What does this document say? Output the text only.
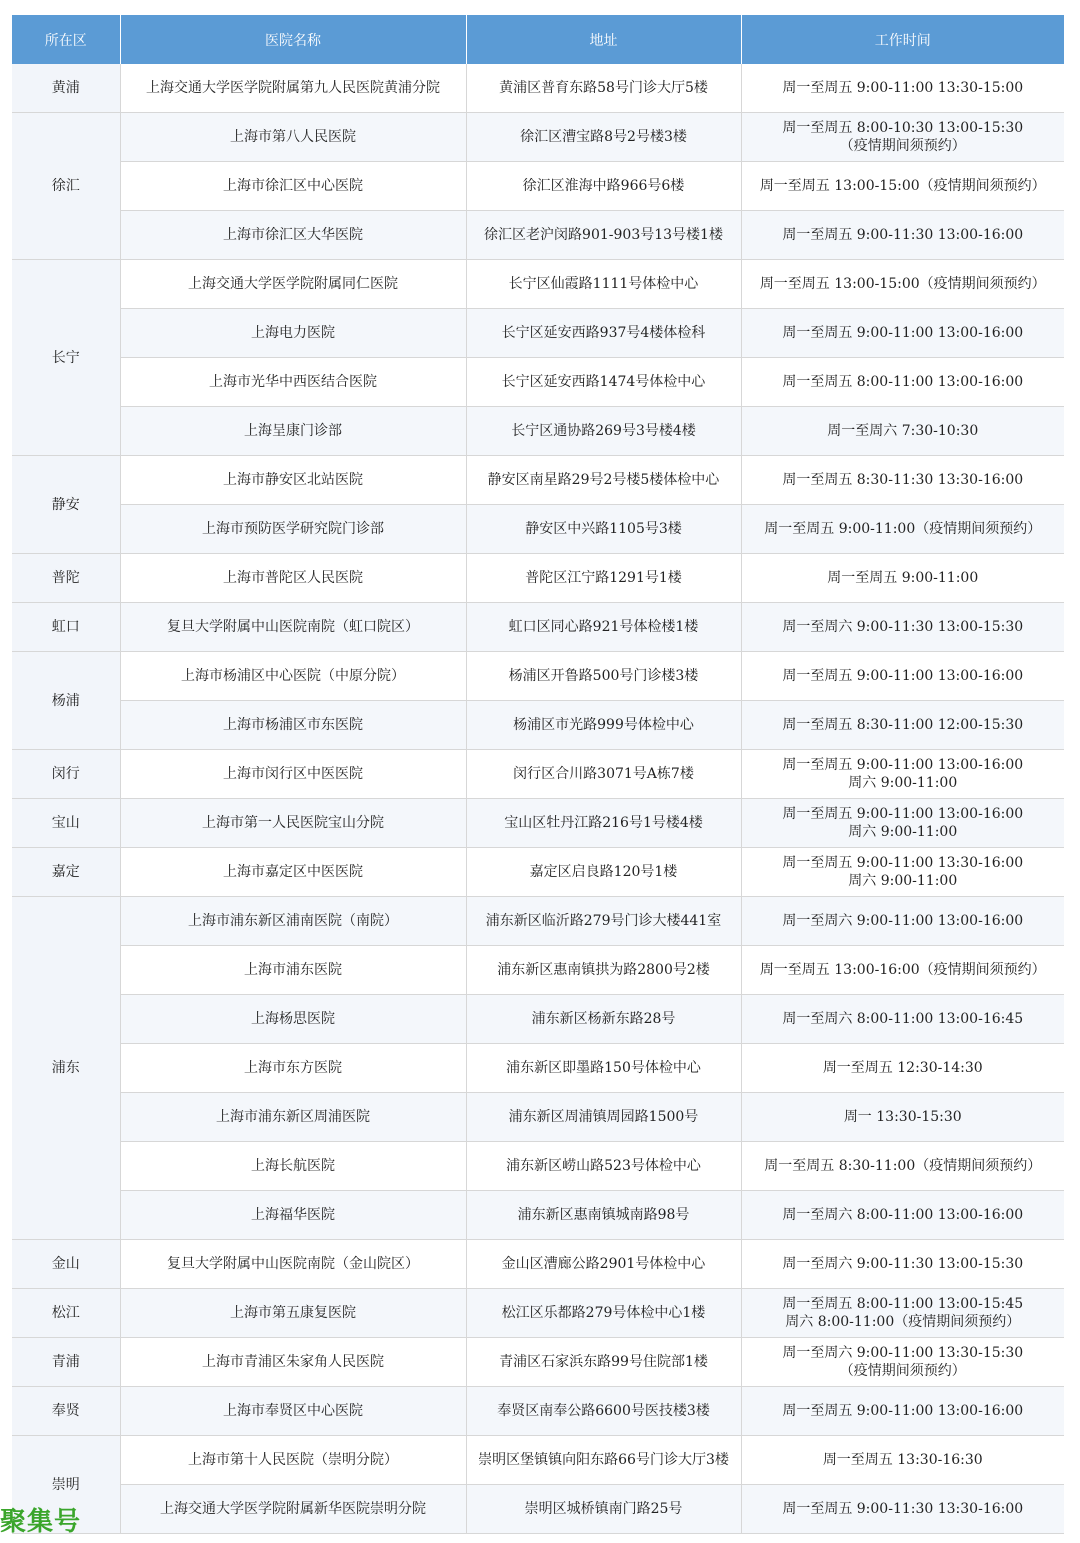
所在区	医院名称	地址	工作时间
黄浦	上海交通大学医学院附属第九人民医院黄浦分院	黄浦区普育东路58号门诊大厅5楼	周一至周五 9:00-11:00 13:30-15:00

徐汇	上海市第八人民医院	徐汇区漕宝路8号2号楼3楼	周一至周五 8:00-10:30 13:00-15:30
（疫情期间须预约）

	上海市徐汇区中心医院	徐汇区淮海中路966号6楼	周一至周五 13:00-15:00（疫情期间须预约）

	上海市徐汇区大华医院	徐汇区老沪闵路901-903号13号楼1楼	周一至周五 9:00-11:30 13:00-16:00

长宁	上海交通大学医学院附属同仁医院	长宁区仙霞路1111号体检中心	周一至周五 13:00-15:00（疫情期间须预约）

	上海电力医院	长宁区延安西路937号4楼体检科	周一至周五 9:00-11:00 13:00-16:00

	上海市光华中西医结合医院	长宁区延安西路1474号体检中心	周一至周五 8:00-11:00 13:00-16:00

	上海呈康门诊部	长宁区通协路269号3号楼4楼	周一至周六 7:30-10:30

静安	上海市静安区北站医院	静安区南星路29号2号楼5楼体检中心	周一至周五 8:30-11:30 13:30-16:00

	上海市预防医学研究院门诊部	静安区中兴路1105号3楼	周一至周五 9:00-11:00（疫情期间须预约）

普陀	上海市普陀区人民医院	普陀区江宁路1291号1楼	周一至周五 9:00-11:00

虹口	复旦大学附属中山医院南院（虹口院区）	虹口区同心路921号体检楼1楼	周一至周六 9:00-11:30 13:00-15:30

杨浦	上海市杨浦区中心医院（中原分院）	杨浦区开鲁路500号门诊楼3楼	周一至周五 9:00-11:00 13:00-16:00

	上海市杨浦区市东医院	杨浦区市光路999号体检中心	周一至周五 8:30-11:00 12:00-15:30

闵行	上海市闵行区中医医院	闵行区合川路3071号A栋7楼	周一至周五 9:00-11:00 13:00-16:00
周六 9:00-11:00

宝山	上海市第一人民医院宝山分院	宝山区牡丹江路216号1号楼4楼	周一至周五 9:00-11:00 13:00-16:00
周六 9:00-11:00

嘉定	上海市嘉定区中医医院	嘉定区启良路120号1楼	周一至周五 9:00-11:00 13:30-16:00
周六 9:00-11:00

浦东	上海市浦东新区浦南医院（南院）	浦东新区临沂路279号门诊大楼441室	周一至周六 9:00-11:00 13:00-16:00

	上海市浦东医院	浦东新区惠南镇拱为路2800号2楼	周一至周五 13:00-16:00（疫情期间须预约）

	上海杨思医院	浦东新区杨新东路28号	周一至周六 8:00-11:00 13:00-16:45

	上海市东方医院	浦东新区即墨路150号体检中心	周一至周五 12:30-14:30

	上海市浦东新区周浦医院	浦东新区周浦镇周园路1500号	周一 13:30-15:30

	上海长航医院	浦东新区崂山路523号体检中心	周一至周五 8:30-11:00（疫情期间须预约）

	上海福华医院	浦东新区惠南镇城南路98号	周一至周六 8:00-11:00 13:00-16:00

金山	复旦大学附属中山医院南院（金山院区）	金山区漕廊公路2901号体检中心	周一至周六 9:00-11:30 13:00-15:30

松江	上海市第五康复医院	松江区乐都路279号体检中心1楼	周一至周五 8:00-11:00 13:00-15:45
周六 8:00-11:00（疫情期间须预约）

青浦	上海市青浦区朱家角人民医院	青浦区石家浜东路99号住院部1楼	周一至周六 9:00-11:00 13:30-15:30
（疫情期间须预约）

奉贤	上海市奉贤区中心医院	奉贤区南奉公路6600号医技楼3楼	周一至周五 9:00-11:00 13:00-16:00

崇明	上海市第十人民医院（崇明分院）	崇明区堡镇镇向阳东路66号门诊大厅3楼	周一至周五 13:30-16:30

	上海交通大学医学院附属新华医院崇明分院	崇明区城桥镇南门路25号	周一至周五 9:00-11:30 13:30-16:00
聚集号
